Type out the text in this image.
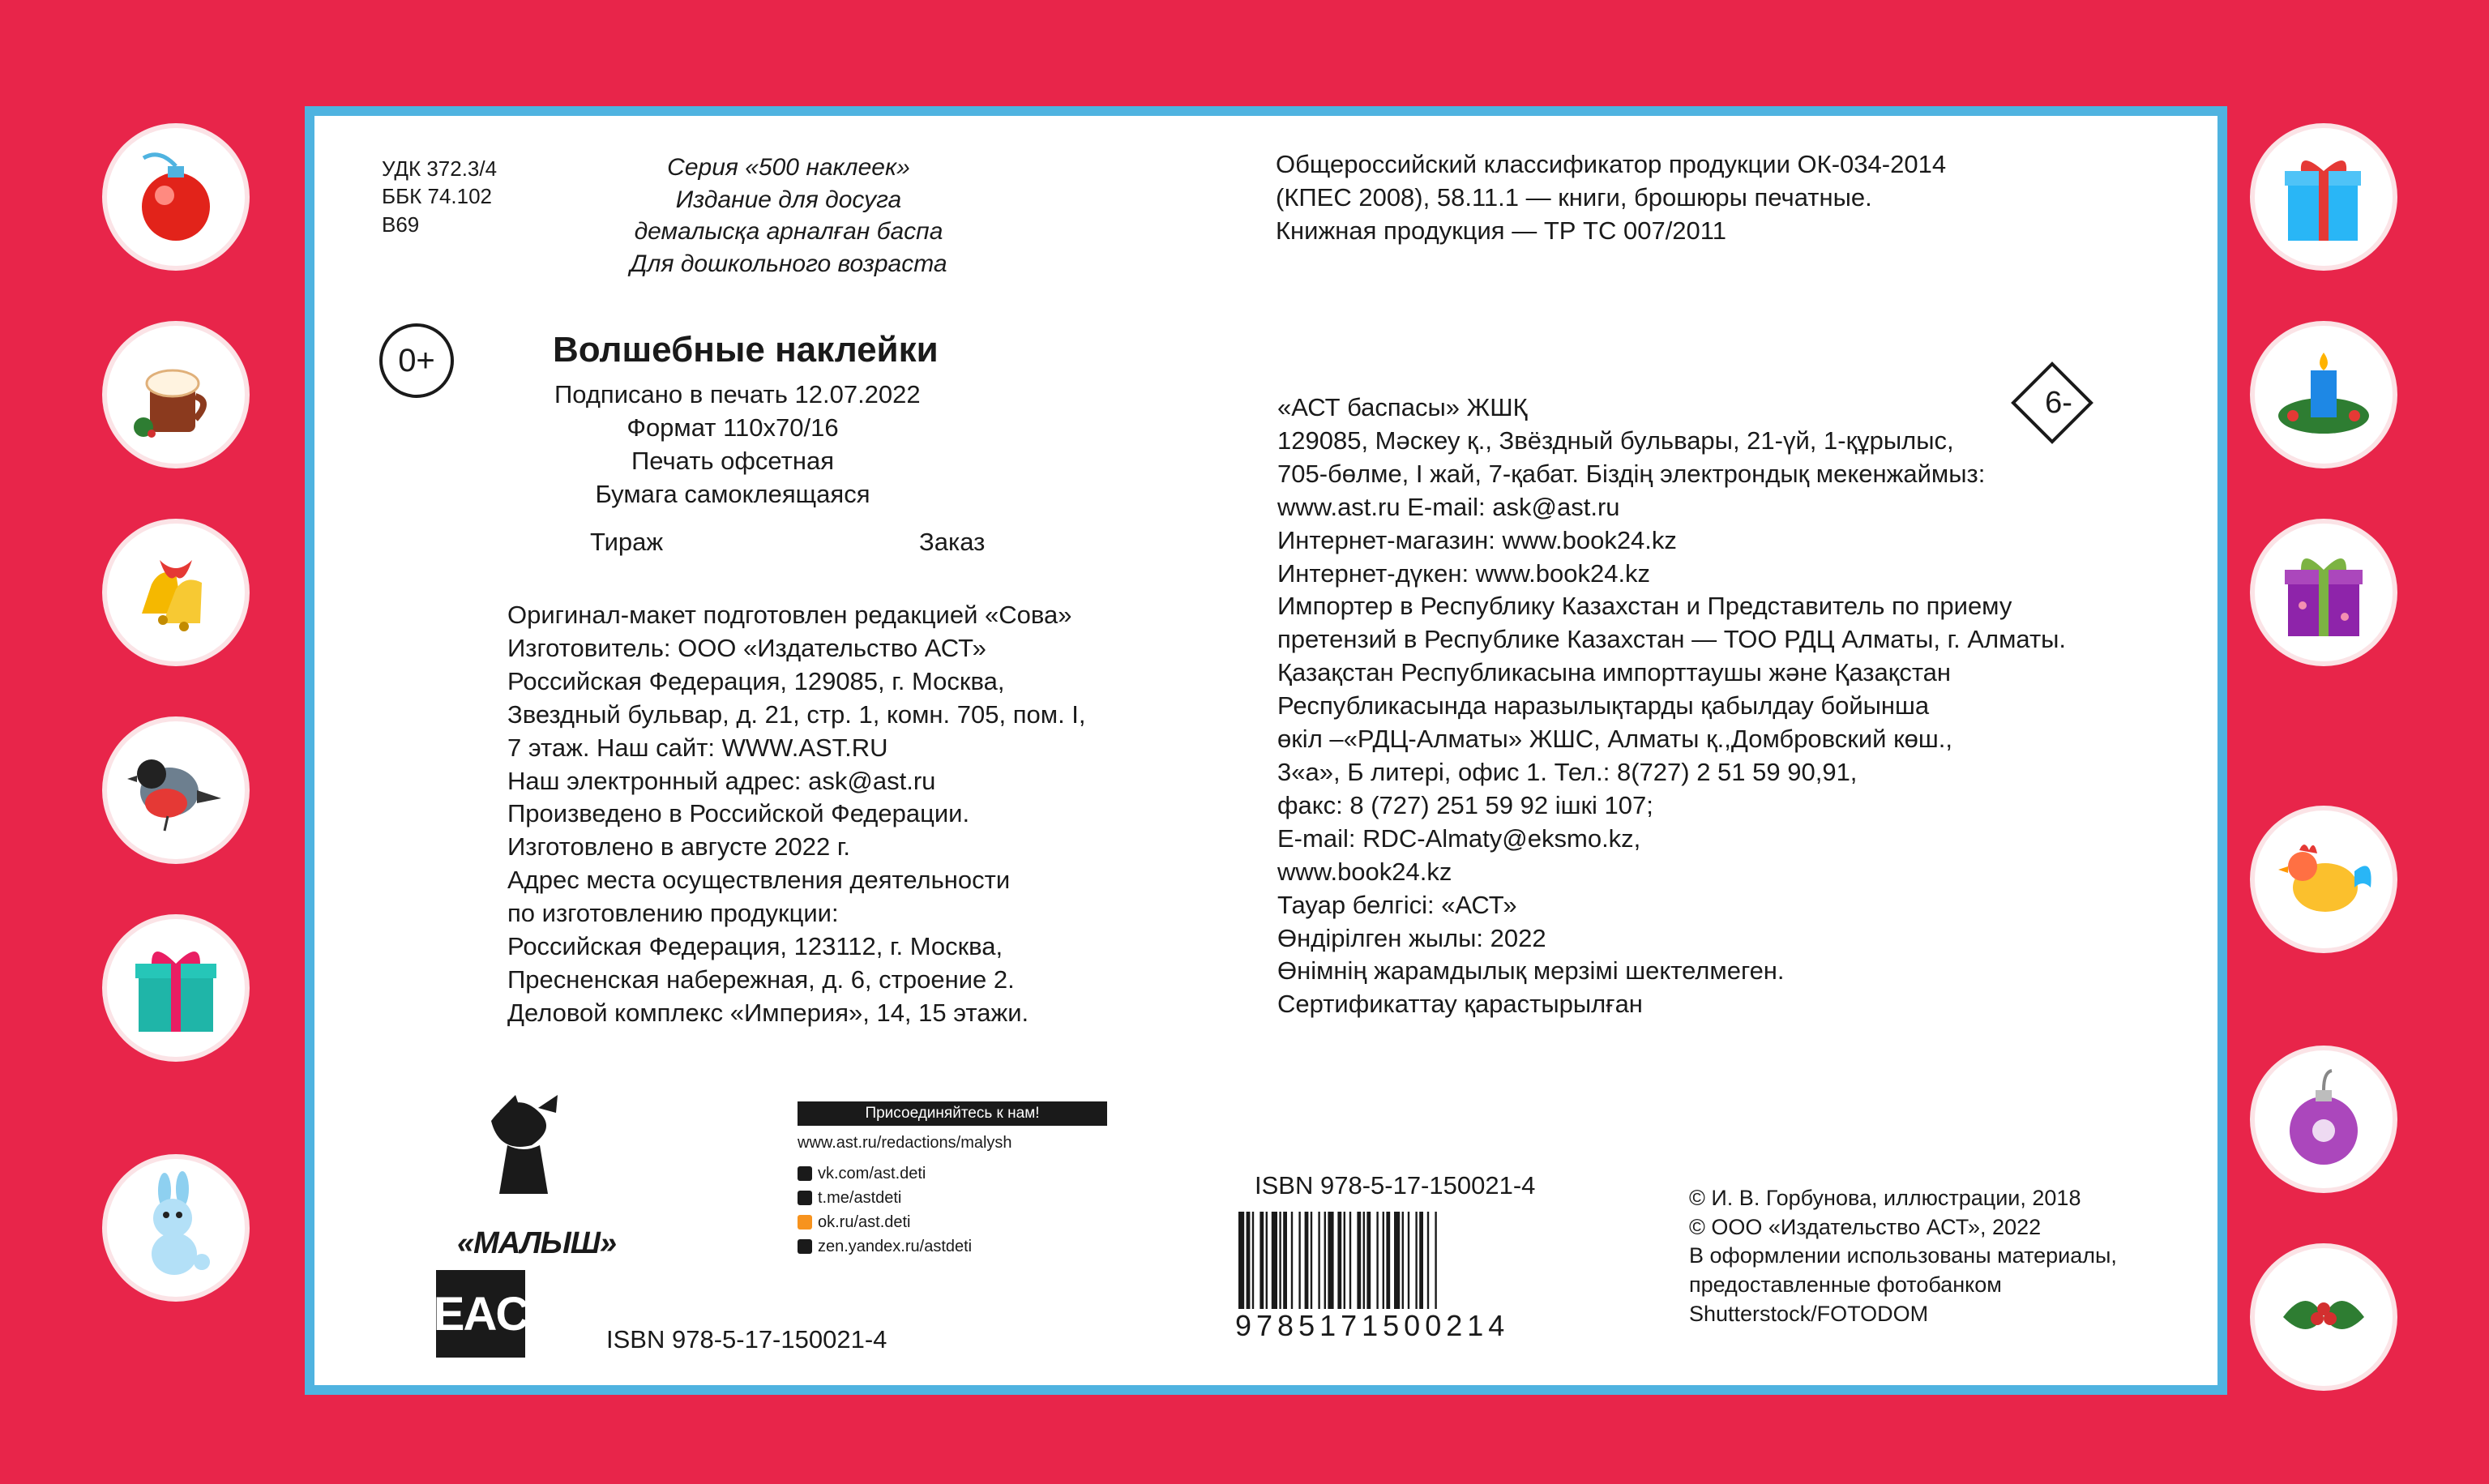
УДК 372.3/4
ББК 74.102
В69
Серия «500 наклеек»
Издание для досуга
демалысқа арналған баспа
Для дошкольного возраста
0+	Волшебные наклейки
Подписано в печать 12.07.2022
Формат 110x70/16
Печать офсетная
Бумага самоклеящаяся
Тираж	Заказ
Оригинал-макет подготовлен редакцией «Сова»
Изготовитель: ООО «Издательство АСТ»
Российская Федерация, 129085, г. Москва,
Звездный бульвар, д. 21, стр. 1, комн. 705, пом. I,
7 этаж. Наш сайт: WWW.AST.RU
Наш электронный адрес: ask@ast.ru
Произведено в Российской Федерации.
Изготовлено в августе 2022 г.
Адрес места осуществления деятельности
по изготовлению продукции:
Российская Федерация, 123112, г. Москва,
Пресненская набережная, д. 6, строение 2.
Деловой комплекс «Империя», 14, 15 этажи.
Общероссийский классификатор продукции ОК-034-2014
(КПЕС 2008), 58.11.1 — книги, брошюры печатные.
Книжная продукция — ТР ТС 007/2011
6-
«АСТ баспасы» ЖШҚ
129085, Мәскеу қ., Звёздный бульвары, 21-үй, 1-құрылыс,
705-бөлме, I жай, 7-қабат. Біздің электрондық мекенжаймыз:
www.ast.ru E-mail: ask@ast.ru
Интернет-магазин: www.book24.kz
Интернет-дүкен: www.book24.kz
Импортер в Республику Казахстан и Представитель по приему
претензий в Республике Казахстан — ТОО РДЦ Алматы, г. Алматы.
Қазақстан Республикасына импорттаушы және Қазақстан
Республикасында наразылықтарды қабылдау бойынша
өкіл –«РДЦ-Алматы» ЖШС, Алматы қ.,Домбровский көш.,
3«а», Б литері, офис 1. Тел.: 8(727) 2 51 59 90,91,
факс: 8 (727) 251 59 92 ішкі 107;
E-mail: RDC-Almaty@eksmo.kz,
www.book24.kz
Тауар белгісі: «АСТ»
Өндірілген жылы: 2022
Өнімнің жарамдылық мерзімі шектелмеген.
Сертификаттау қарастырылған
«МАЛЫШ»
Присоединяйтесь к нам!
www.ast.ru/redactions/malysh
vk.com/ast.deti
t.me/astdeti
ok.ru/ast.deti
zen.yandex.ru/astdeti
EAC	ISBN 978-5-17-150021-4
ISBN 978-5-17-150021-4
9785171500214
© И. В. Горбунова, иллюстрации, 2018
© ООО «Издательство АСТ», 2022
В оформлении использованы материалы,
предоставленные фотобанком
Shutterstock/FOTODOM
